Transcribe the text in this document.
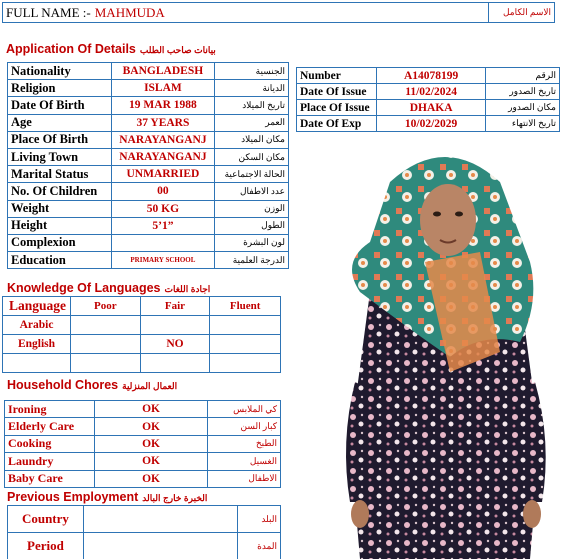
FULL NAME :- MAHMUDA	الاسم الكامل
Application Of Details بيانات صاحب الطلب
Nationality	BANGLADESH	الجنسية
Religion	ISLAM	الديانة
Date Of Birth	19 MAR 1988	تاريخ الميلاد
Age	37 YEARS	العمر
Place Of Birth	NARAYANGANJ	مكان الميلاد
Living Town	NARAYANGANJ	مكان السكن
Marital Status	UNMARRIED	الحالة الاجتماعية
No. Of Children	00	عدد الاطفال
Weight	50 KG	الوزن
Height	5’1”	الطول
Complexion		لون البشرة
Education	PRIMARY SCHOOL	الدرجة العلمية
Number	A14078199	الرقم
Date Of Issue	11/02/2024	تاريخ الصدور
Place Of Issue	DHAKA	مكان الصدور
Date Of Exp	10/02/2029	تاريخ الانتهاء
Knowledge Of Languages اجادة اللغات
Language	Poor	Fair	Fluent
Arabic			
English		NO	

Household Chores العمال المنزلية
Ironing	OK	كي الملابس
Elderly Care	OK	كبار السن
Cooking	OK	الطبخ
Laundry	OK	الغسيل
Baby Care	OK	الاطفال
Previous Employment الخبرة خارج البالد
Country		البلد
Period		المدة
